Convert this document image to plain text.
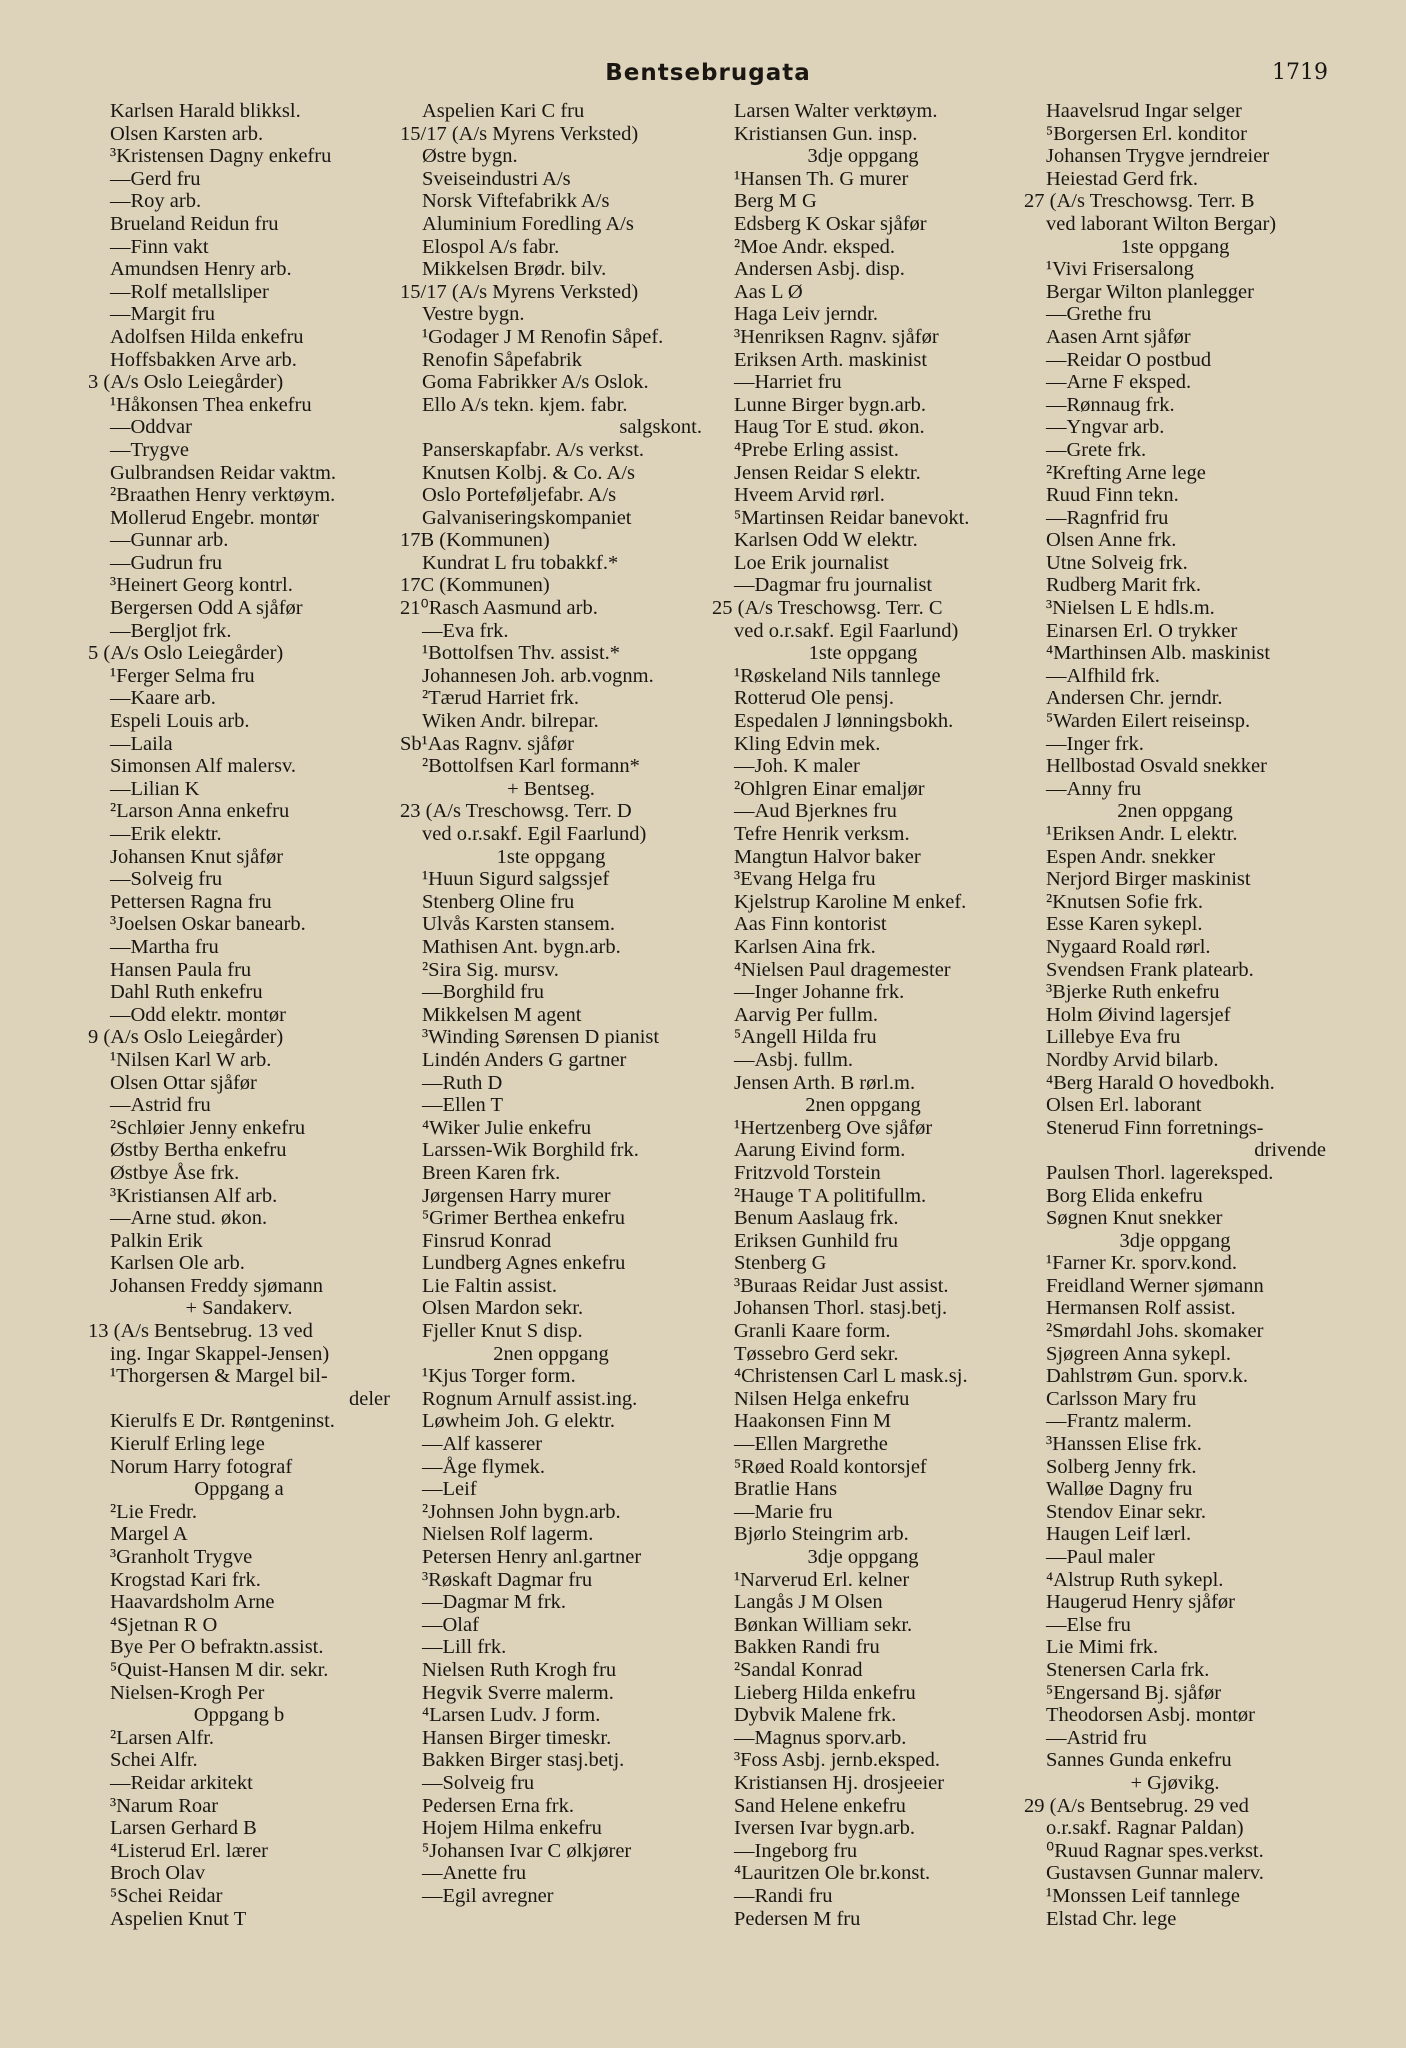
Bentsebrugata	1719
Karlsen Harald blikksl.
Olsen Karsten arb.
³Kristensen Dagny enkefru
—Gerd fru
—Roy arb.
Brueland Reidun fru
—Finn vakt
Amundsen Henry arb.
—Rolf metallsliper
—Margit fru
Adolfsen Hilda enkefru
Hoffsbakken Arve arb.
3 (A/s Oslo Leiegårder)
¹Håkonsen Thea enkefru
—Oddvar
—Trygve
Gulbrandsen Reidar vaktm.
²Braathen Henry verktøym.
Mollerud Engebr. montør
—Gunnar arb.
—Gudrun fru
³Heinert Georg kontrl.
Bergersen Odd A sjåfør
—Bergljot frk.
5 (A/s Oslo Leiegårder)
¹Ferger Selma fru
—Kaare arb.
Espeli Louis arb.
—Laila
Simonsen Alf malersv.
—Lilian K
²Larson Anna enkefru
—Erik elektr.
Johansen Knut sjåfør
—Solveig fru
Pettersen Ragna fru
³Joelsen Oskar banearb.
—Martha fru
Hansen Paula fru
Dahl Ruth enkefru
—Odd elektr. montør
9 (A/s Oslo Leiegårder)
¹Nilsen Karl W arb.
Olsen Ottar sjåfør
—Astrid fru
²Schløier Jenny enkefru
Østby Bertha enkefru
Østbye Åse frk.
³Kristiansen Alf arb.
—Arne stud. økon.
Palkin Erik
Karlsen Ole arb.
Johansen Freddy sjømann
+ Sandakerv.
13 (A/s Bentsebrug. 13 ved
ing. Ingar Skappel-Jensen)
¹Thorgersen & Margel bil-
deler
Kierulfs E Dr. Røntgeninst.
Kierulf Erling lege
Norum Harry fotograf
Oppgang a
²Lie Fredr.
Margel A
³Granholt Trygve
Krogstad Kari frk.
Haavardsholm Arne
⁴Sjetnan R O
Bye Per O befraktn.assist.
⁵Quist-Hansen M dir. sekr.
Nielsen-Krogh Per
Oppgang b
²Larsen Alfr.
Schei Alfr.
—Reidar arkitekt
³Narum Roar
Larsen Gerhard B
⁴Listerud Erl. lærer
Broch Olav
⁵Schei Reidar
Aspelien Knut T
Aspelien Kari C fru
15/17 (A/s Myrens Verksted)
Østre bygn.
Sveiseindustri A/s
Norsk Viftefabrikk A/s
Aluminium Foredling A/s
Elospol A/s fabr.
Mikkelsen Brødr. bilv.
15/17 (A/s Myrens Verksted)
Vestre bygn.
¹Godager J M Renofin Såpef.
Renofin Såpefabrik
Goma Fabrikker A/s Oslok.
Ello A/s tekn. kjem. fabr.
salgskont.
Panserskapfabr. A/s verkst.
Knutsen Kolbj. & Co. A/s
Oslo Porteføljefabr. A/s
Galvaniseringskompaniet
17B (Kommunen)
Kundrat L fru tobakkf.*
17C (Kommunen)
21⁰Rasch Aasmund arb.
—Eva frk.
¹Bottolfsen Thv. assist.*
Johannesen Joh. arb.vognm.
²Tærud Harriet frk.
Wiken Andr. bilrepar.
Sb¹Aas Ragnv. sjåfør
²Bottolfsen Karl formann*
+ Bentseg.
23 (A/s Treschowsg. Terr. D
ved o.r.sakf. Egil Faarlund)
1ste oppgang
¹Huun Sigurd salgssjef
Stenberg Oline fru
Ulvås Karsten stansem.
Mathisen Ant. bygn.arb.
²Sira Sig. mursv.
—Borghild fru
Mikkelsen M agent
³Winding Sørensen D pianist
Lindén Anders G gartner
—Ruth D
—Ellen T
⁴Wiker Julie enkefru
Larssen-Wik Borghild frk.
Breen Karen frk.
Jørgensen Harry murer
⁵Grimer Berthea enkefru
Finsrud Konrad
Lundberg Agnes enkefru
Lie Faltin assist.
Olsen Mardon sekr.
Fjeller Knut S disp.
2nen oppgang
¹Kjus Torger form.
Rognum Arnulf assist.ing.
Løwheim Joh. G elektr.
—Alf kasserer
—Åge flymek.
—Leif
²Johnsen John bygn.arb.
Nielsen Rolf lagerm.
Petersen Henry anl.gartner
³Røskaft Dagmar fru
—Dagmar M frk.
—Olaf
—Lill frk.
Nielsen Ruth Krogh fru
Hegvik Sverre malerm.
⁴Larsen Ludv. J form.
Hansen Birger timeskr.
Bakken Birger stasj.betj.
—Solveig fru
Pedersen Erna frk.
Hojem Hilma enkefru
⁵Johansen Ivar C ølkjører
—Anette fru
—Egil avregner
Larsen Walter verktøym.
Kristiansen Gun. insp.
3dje oppgang
¹Hansen Th. G murer
Berg M G
Edsberg K Oskar sjåfør
²Moe Andr. eksped.
Andersen Asbj. disp.
Aas L Ø
Haga Leiv jerndr.
³Henriksen Ragnv. sjåfør
Eriksen Arth. maskinist
—Harriet fru
Lunne Birger bygn.arb.
Haug Tor E stud. økon.
⁴Prebe Erling assist.
Jensen Reidar S elektr.
Hveem Arvid rørl.
⁵Martinsen Reidar banevokt.
Karlsen Odd W elektr.
Loe Erik journalist
—Dagmar fru journalist
25 (A/s Treschowsg. Terr. C
ved o.r.sakf. Egil Faarlund)
1ste oppgang
¹Røskeland Nils tannlege
Rotterud Ole pensj.
Espedalen J lønningsbokh.
Kling Edvin mek.
—Joh. K maler
²Ohlgren Einar emaljør
—Aud Bjerknes fru
Tefre Henrik verksm.
Mangtun Halvor baker
³Evang Helga fru
Kjelstrup Karoline M enkef.
Aas Finn kontorist
Karlsen Aina frk.
⁴Nielsen Paul dragemester
—Inger Johanne frk.
Aarvig Per fullm.
⁵Angell Hilda fru
—Asbj. fullm.
Jensen Arth. B rørl.m.
2nen oppgang
¹Hertzenberg Ove sjåfør
Aarung Eivind form.
Fritzvold Torstein
²Hauge T A politifullm.
Benum Aaslaug frk.
Eriksen Gunhild fru
Stenberg G
³Buraas Reidar Just assist.
Johansen Thorl. stasj.betj.
Granli Kaare form.
Tøssebro Gerd sekr.
⁴Christensen Carl L mask.sj.
Nilsen Helga enkefru
Haakonsen Finn M
—Ellen Margrethe
⁵Røed Roald kontorsjef
Bratlie Hans
—Marie fru
Bjørlo Steingrim arb.
3dje oppgang
¹Narverud Erl. kelner
Langås J M Olsen
Bønkan William sekr.
Bakken Randi fru
²Sandal Konrad
Lieberg Hilda enkefru
Dybvik Malene frk.
—Magnus sporv.arb.
³Foss Asbj. jernb.eksped.
Kristiansen Hj. drosjeeier
Sand Helene enkefru
Iversen Ivar bygn.arb.
—Ingeborg fru
⁴Lauritzen Ole br.konst.
—Randi fru
Pedersen M fru
Haavelsrud Ingar selger
⁵Borgersen Erl. konditor
Johansen Trygve jerndreier
Heiestad Gerd frk.
27 (A/s Treschowsg. Terr. B
ved laborant Wilton Bergar)
1ste oppgang
¹Vivi Frisersalong
Bergar Wilton planlegger
—Grethe fru
Aasen Arnt sjåfør
—Reidar O postbud
—Arne F eksped.
—Rønnaug frk.
—Yngvar arb.
—Grete frk.
²Krefting Arne lege
Ruud Finn tekn.
—Ragnfrid fru
Olsen Anne frk.
Utne Solveig frk.
Rudberg Marit frk.
³Nielsen L E hdls.m.
Einarsen Erl. O trykker
⁴Marthinsen Alb. maskinist
—Alfhild frk.
Andersen Chr. jerndr.
⁵Warden Eilert reiseinsp.
—Inger frk.
Hellbostad Osvald snekker
—Anny fru
2nen oppgang
¹Eriksen Andr. L elektr.
Espen Andr. snekker
Nerjord Birger maskinist
²Knutsen Sofie frk.
Esse Karen sykepl.
Nygaard Roald rørl.
Svendsen Frank platearb.
³Bjerke Ruth enkefru
Holm Øivind lagersjef
Lillebye Eva fru
Nordby Arvid bilarb.
⁴Berg Harald O hovedbokh.
Olsen Erl. laborant
Stenerud Finn forretnings-
drivende
Paulsen Thorl. lagereksped.
Borg Elida enkefru
Søgnen Knut snekker
3dje oppgang
¹Farner Kr. sporv.kond.
Freidland Werner sjømann
Hermansen Rolf assist.
²Smørdahl Johs. skomaker
Sjøgreen Anna sykepl.
Dahlstrøm Gun. sporv.k.
Carlsson Mary fru
—Frantz malerm.
³Hanssen Elise frk.
Solberg Jenny frk.
Walløe Dagny fru
Stendov Einar sekr.
Haugen Leif lærl.
—Paul maler
⁴Alstrup Ruth sykepl.
Haugerud Henry sjåfør
—Else fru
Lie Mimi frk.
Stenersen Carla frk.
⁵Engersand Bj. sjåfør
Theodorsen Asbj. montør
—Astrid fru
Sannes Gunda enkefru
+ Gjøvikg.
29 (A/s Bentsebrug. 29 ved
o.r.sakf. Ragnar Paldan)
⁰Ruud Ragnar spes.verkst.
Gustavsen Gunnar malerv.
¹Monssen Leif tannlege
Elstad Chr. lege
